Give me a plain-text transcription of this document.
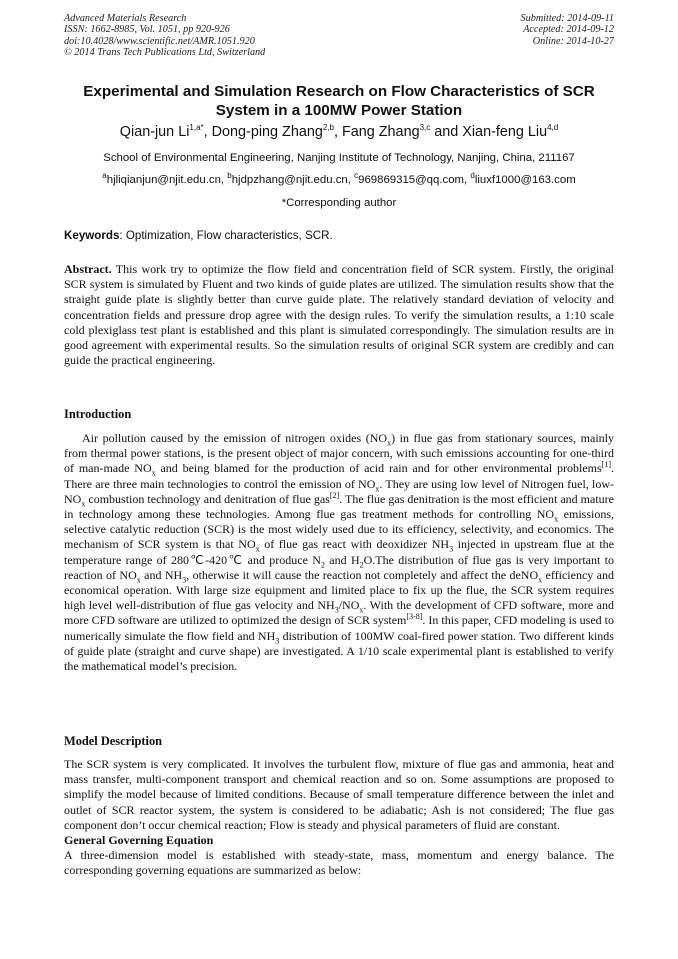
Advanced Materials Research
ISSN: 1662-8985, Vol. 1051, pp 920-926
doi:10.4028/www.scientific.net/AMR.1051.920
© 2014 Trans Tech Publications Ltd, Switzerland
Submitted: 2014-09-11
Accepted: 2014-09-12
Online: 2014-10-27
Experimental and Simulation Research on Flow Characteristics of SCR System in a 100MW Power Station
Qian-jun $Li^{1,a*}$, Dong-ping Zhang$^{2,b}$, Fang Zhang$^{3,c}$ and Xian-feng Liu$^{4,d}$
School of Environmental Engineering, Nanjing Institute of Technology, Nanjing, China, 211167
$^a$hjliqianjun@njit.edu.cn, $^b$hjdpzhang@njit.edu.cn, $^c$969869315@qq.com, $^d$liuxf1000@163.com
*Corresponding author
Keywords: Optimization, Flow characteristics, SCR.
Abstract. This work try to optimize the flow field and concentration field of SCR system. Firstly, the original SCR system is simulated by Fluent and two kinds of guide plates are utilized. The simulation results show that the straight guide plate is slightly better than curve guide plate. The relatively standard deviation of velocity and concentration fields and pressure drop agree with the design rules. To verify the simulation results, a 1:10 scale cold plexiglass test plant is established and this plant is simulated correspondingly. The simulation results are in good agreement with experimental results. So the simulation results of original SCR system are credibly and can guide the practical engineering.
Introduction
Air pollution caused by the emission of nitrogen oxides $(NO_x)$ in flue gas from stationary sources, mainly from thermal power stations, is the present object of major concern, with such emissions accounting for one-third of man-made $NO_x$ and being blamed for the production of acid rain and for other environmental problems[1]. There are three main technologies to control the emission of $NO_x$. They are using low level of Nitrogen fuel, low-$NO_x$ combustion technology and denitration of flue gas[2]. The flue gas denitration is the most efficient and mature in technology among these technologies. Among flue gas treatment methods for controlling $NO_x$ emissions, selective catalytic reduction (SCR) is the most widely used due to its efficiency, selectivity, and economics. The mechanism of SCR system is that $NO_x$ of flue gas react with deoxidizer $NH_3$ injected in upstream flue at the temperature range of 280℃-420℃ and produce $N_2$ and $H_2O.The$ distribution of flue gas is very important to reaction of $NO_x$ and $NH_3$, otherwise it will cause the reaction not completely and affect the deNO$_x$ efficiency and economical operation. With large size equipment and limited place to fix up the flue, the SCR system requires high level well-distribution of flue gas velocity and $NH_3/NO_x$. With the development of CFD software, more and more CFD software are utilized to optimized the design of SCR system[3-8]. In this paper, CFD modeling is used to numerically simulate the flow field and $NH_3$ distribution of 100MW coal-fired power station. Two different kinds of guide plate (straight and curve shape) are investigated. A 1/10 scale experimental plant is established to verify the mathematical model’s precision.
Model Description
The SCR system is very complicated. It involves the turbulent flow, mixture of flue gas and ammonia, heat and mass transfer, multi-component transport and chemical reaction and so on. Some assumptions are proposed to simplify the model because of limited conditions. Because of small temperature difference between the inlet and outlet of SCR reactor system, the system is considered to be adiabatic; Ash is not considered; The flue gas component don’t occur chemical reaction; Flow is steady and physical parameters of fluid are constant.
General Governing Equation
A three-dimension model is established with steady-state, mass, momentum and energy balance. The corresponding governing equations are summarized as below:
